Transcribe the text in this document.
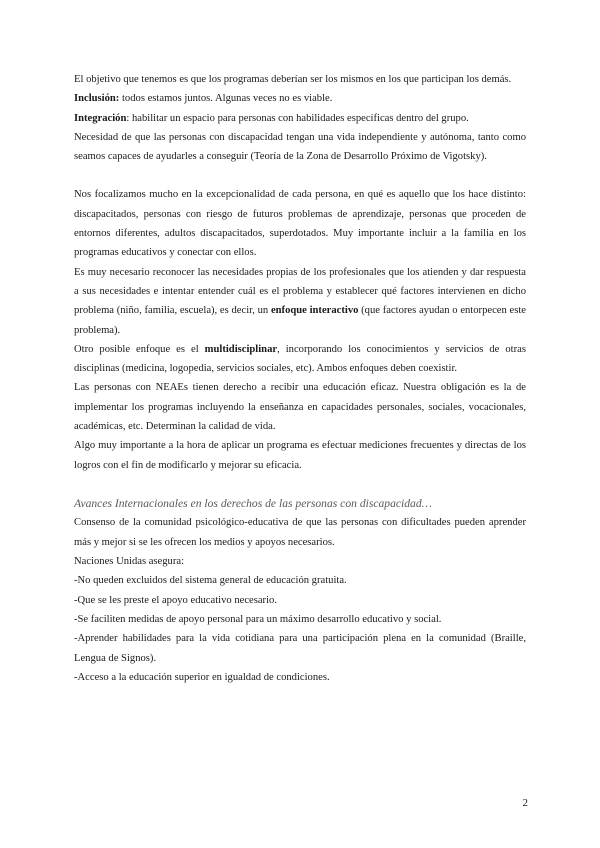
El objetivo que tenemos es que los programas deberían ser los mismos en los que participan los demás.

Inclusión: todos estamos juntos. Algunas veces no es viable.

Integración: habilitar un espacio para personas con habilidades específicas dentro del grupo.

Necesidad de que las personas con discapacidad tengan una vida independiente y autónoma, tanto como seamos capaces de ayudarles a conseguir (Teoría de la Zona de Desarrollo Próximo de Vigotsky).

Nos focalizamos mucho en la excepcionalidad de cada persona, en qué es aquello que los hace distinto: discapacitados, personas con riesgo de futuros problemas de aprendizaje, personas que proceden de entornos diferentes, adultos discapacitados, superdotados. Muy importante incluir a la familia en los programas educativos y conectar con ellos.

Es muy necesario reconocer las necesidades propias de los profesionales que los atienden y dar respuesta a sus necesidades e intentar entender cuál es el problema y establecer qué factores intervienen en dicho problema (niño, familia, escuela), es decir, un enfoque interactivo (que factores ayudan o entorpecen este problema).

Otro posible enfoque es el multidisciplinar, incorporando los conocimientos y servicios de otras disciplinas (medicina, logopedia, servicios sociales, etc). Ambos enfoques deben coexistir.

Las personas con NEAEs tienen derecho a recibir una educación eficaz. Nuestra obligación es la de implementar los programas incluyendo la enseñanza en capacidades personales, sociales, vocacionales, académicas, etc. Determinan la calidad de vida.

Algo muy importante a la hora de aplicar un programa es efectuar mediciones frecuentes y directas de los logros con el fin de modificarlo y mejorar su eficacia.

Avances Internacionales en los derechos de las personas con discapacidad…

Consenso de la comunidad psicológico-educativa de que las personas con dificultades pueden aprender más y mejor si se les ofrecen los medios y apoyos necesarios.

Naciones Unidas asegura:

-No queden excluidos del sistema general de educación gratuita.

-Que se les preste el apoyo educativo necesario.

-Se faciliten medidas de apoyo personal para un máximo desarrollo educativo y social.

-Aprender habilidades para la vida cotidiana para una participación plena en la comunidad (Braille, Lengua de Signos).

-Acceso a la educación superior en igualdad de condiciones.

2
